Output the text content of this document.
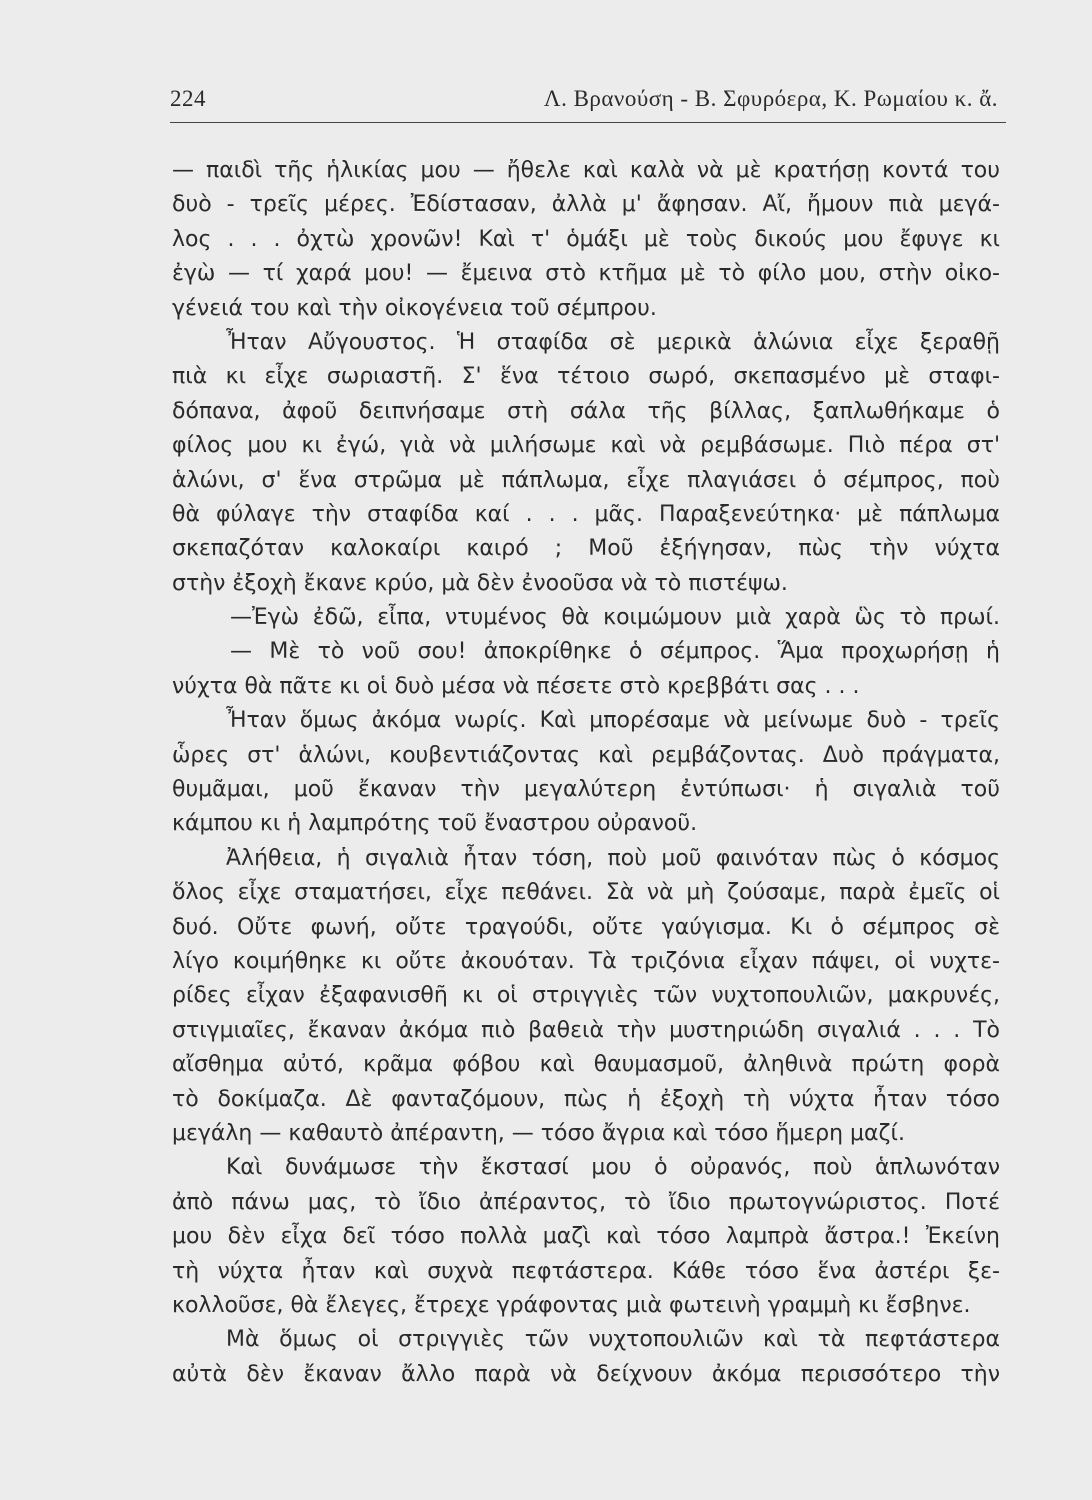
224	Λ. Βρανούση - Β. Σφυρόερα, Κ. Ρωμαίου κ. ἄ.
— παιδὶ τῆς ἡλικίας μου — ἤθελε καὶ καλὰ νὰ μὲ κρατήσῃ κοντά του
δυὸ - τρεῖς μέρες. Ἐδίστασαν, ἀλλὰ μ' ἄφησαν. Αἴ, ἤμουν πιὰ μεγά-
λος . . . ὀχτὼ χρονῶν! Καὶ τ' ὁμάξι μὲ τοὺς δικούς μου ἔφυγε κι
ἐγὼ — τί χαρά μου! — ἔμεινα στὸ κτῆμα μὲ τὸ φίλο μου, στὴν οἰκο-
γένειά του καὶ τὴν οἰκογένεια τοῦ σέμπρου.
Ἦταν Αὔγουστος. Ἡ σταφίδα σὲ μερικὰ ἁλώνια εἶχε ξεραθῇ
πιὰ κι εἶχε σωριαστῆ. Σ' ἕνα τέτοιο σωρό, σκεπασμένο μὲ σταφι-
δόπανα, ἀφοῦ δειπνήσαμε στὴ σάλα τῆς βίλλας, ξαπλωθήκαμε ὁ
φίλος μου κι ἐγώ, γιὰ νὰ μιλήσωμε καὶ νὰ ρεμβάσωμε. Πιὸ πέρα στ'
ἁλώνι, σ' ἕνα στρῶμα μὲ πάπλωμα, εἶχε πλαγιάσει ὁ σέμπρος, ποὺ
θὰ φύλαγε τὴν σταφίδα καί . . . μᾶς. Παραξενεύτηκα· μὲ πάπλωμα
σκεπαζόταν καλοκαίρι καιρό ; Μοῦ ἐξήγησαν, πὼς τὴν νύχτα
στὴν ἐξοχὴ ἔκανε κρύο, μὰ δὲν ἐνοοῦσα νὰ τὸ πιστέψω.
—Ἐγὼ ἐδῶ, εἶπα, ντυμένος θὰ κοιμώμουν μιὰ χαρὰ ὣς τὸ πρωί.
— Μὲ τὸ νοῦ σου! ἀποκρίθηκε ὁ σέμπρος. Ἅμα προχωρήσῃ ἡ
νύχτα θὰ πᾶτε κι οἱ δυὸ μέσα νὰ πέσετε στὸ κρεββάτι σας . . .
Ἦταν ὅμως ἀκόμα νωρίς. Καὶ μπορέσαμε νὰ μείνωμε δυὸ - τρεῖς
ὧρες στ' ἁλώνι, κουβεντιάζοντας καὶ ρεμβάζοντας. Δυὸ πράγματα,
θυμᾶμαι, μοῦ ἔκαναν τὴν μεγαλύτερη ἐντύπωσι· ἡ σιγαλιὰ τοῦ
κάμπου κι ἡ λαμπρότης τοῦ ἔναστρου οὐρανοῦ.
Ἀλήθεια, ἡ σιγαλιὰ ἦταν τόση, ποὺ μοῦ φαινόταν πὼς ὁ κόσμος
ὅλος εἶχε σταματήσει, εἶχε πεθάνει. Σὰ νὰ μὴ ζούσαμε, παρὰ ἐμεῖς οἱ
δυό. Οὔτε φωνή, οὔτε τραγούδι, οὔτε γαύγισμα. Κι ὁ σέμπρος σὲ
λίγο κοιμήθηκε κι οὔτε ἀκουόταν. Τὰ τριζόνια εἶχαν πάψει, οἱ νυχτε-
ρίδες εἶχαν ἐξαφανισθῆ κι οἱ στριγγιὲς τῶν νυχτοπουλιῶν, μακρυνές,
στιγμιαῖες, ἔκαναν ἀκόμα πιὸ βαθειὰ τὴν μυστηριώδη σιγαλιά . . . Τὸ
αἴσθημα αὐτό, κρᾶμα φόβου καὶ θαυμασμοῦ, ἀληθινὰ πρώτη φορὰ
τὸ δοκίμαζα. Δὲ φανταζόμουν, πὼς ἡ ἐξοχὴ τὴ νύχτα ἦταν τόσο
μεγάλη — καθαυτὸ ἀπέραντη, — τόσο ἄγρια καὶ τόσο ἥμερη μαζί.
Καὶ δυνάμωσε τὴν ἔκστασί μου ὁ οὐρανός, ποὺ ἁπλωνόταν
ἀπὸ πάνω μας, τὸ ἴδιο ἀπέραντος, τὸ ἴδιο πρωτογνώριστος. Ποτέ
μου δὲν εἶχα δεῖ τόσο πολλὰ μαζὶ καὶ τόσο λαμπρὰ ἄστρα.! Ἐκείνη
τὴ νύχτα ἦταν καὶ συχνὰ πεφτάστερα. Κάθε τόσο ἕνα ἀστέρι ξε-
κολλοῦσε, θὰ ἔλεγες, ἔτρεχε γράφοντας μιὰ φωτεινὴ γραμμὴ κι ἔσβηνε.
Μὰ ὅμως οἱ στριγγιὲς τῶν νυχτοπουλιῶν καὶ τὰ πεφτάστερα
αὐτὰ δὲν ἔκαναν ἄλλο παρὰ νὰ δείχνουν ἀκόμα περισσότερο τὴν
